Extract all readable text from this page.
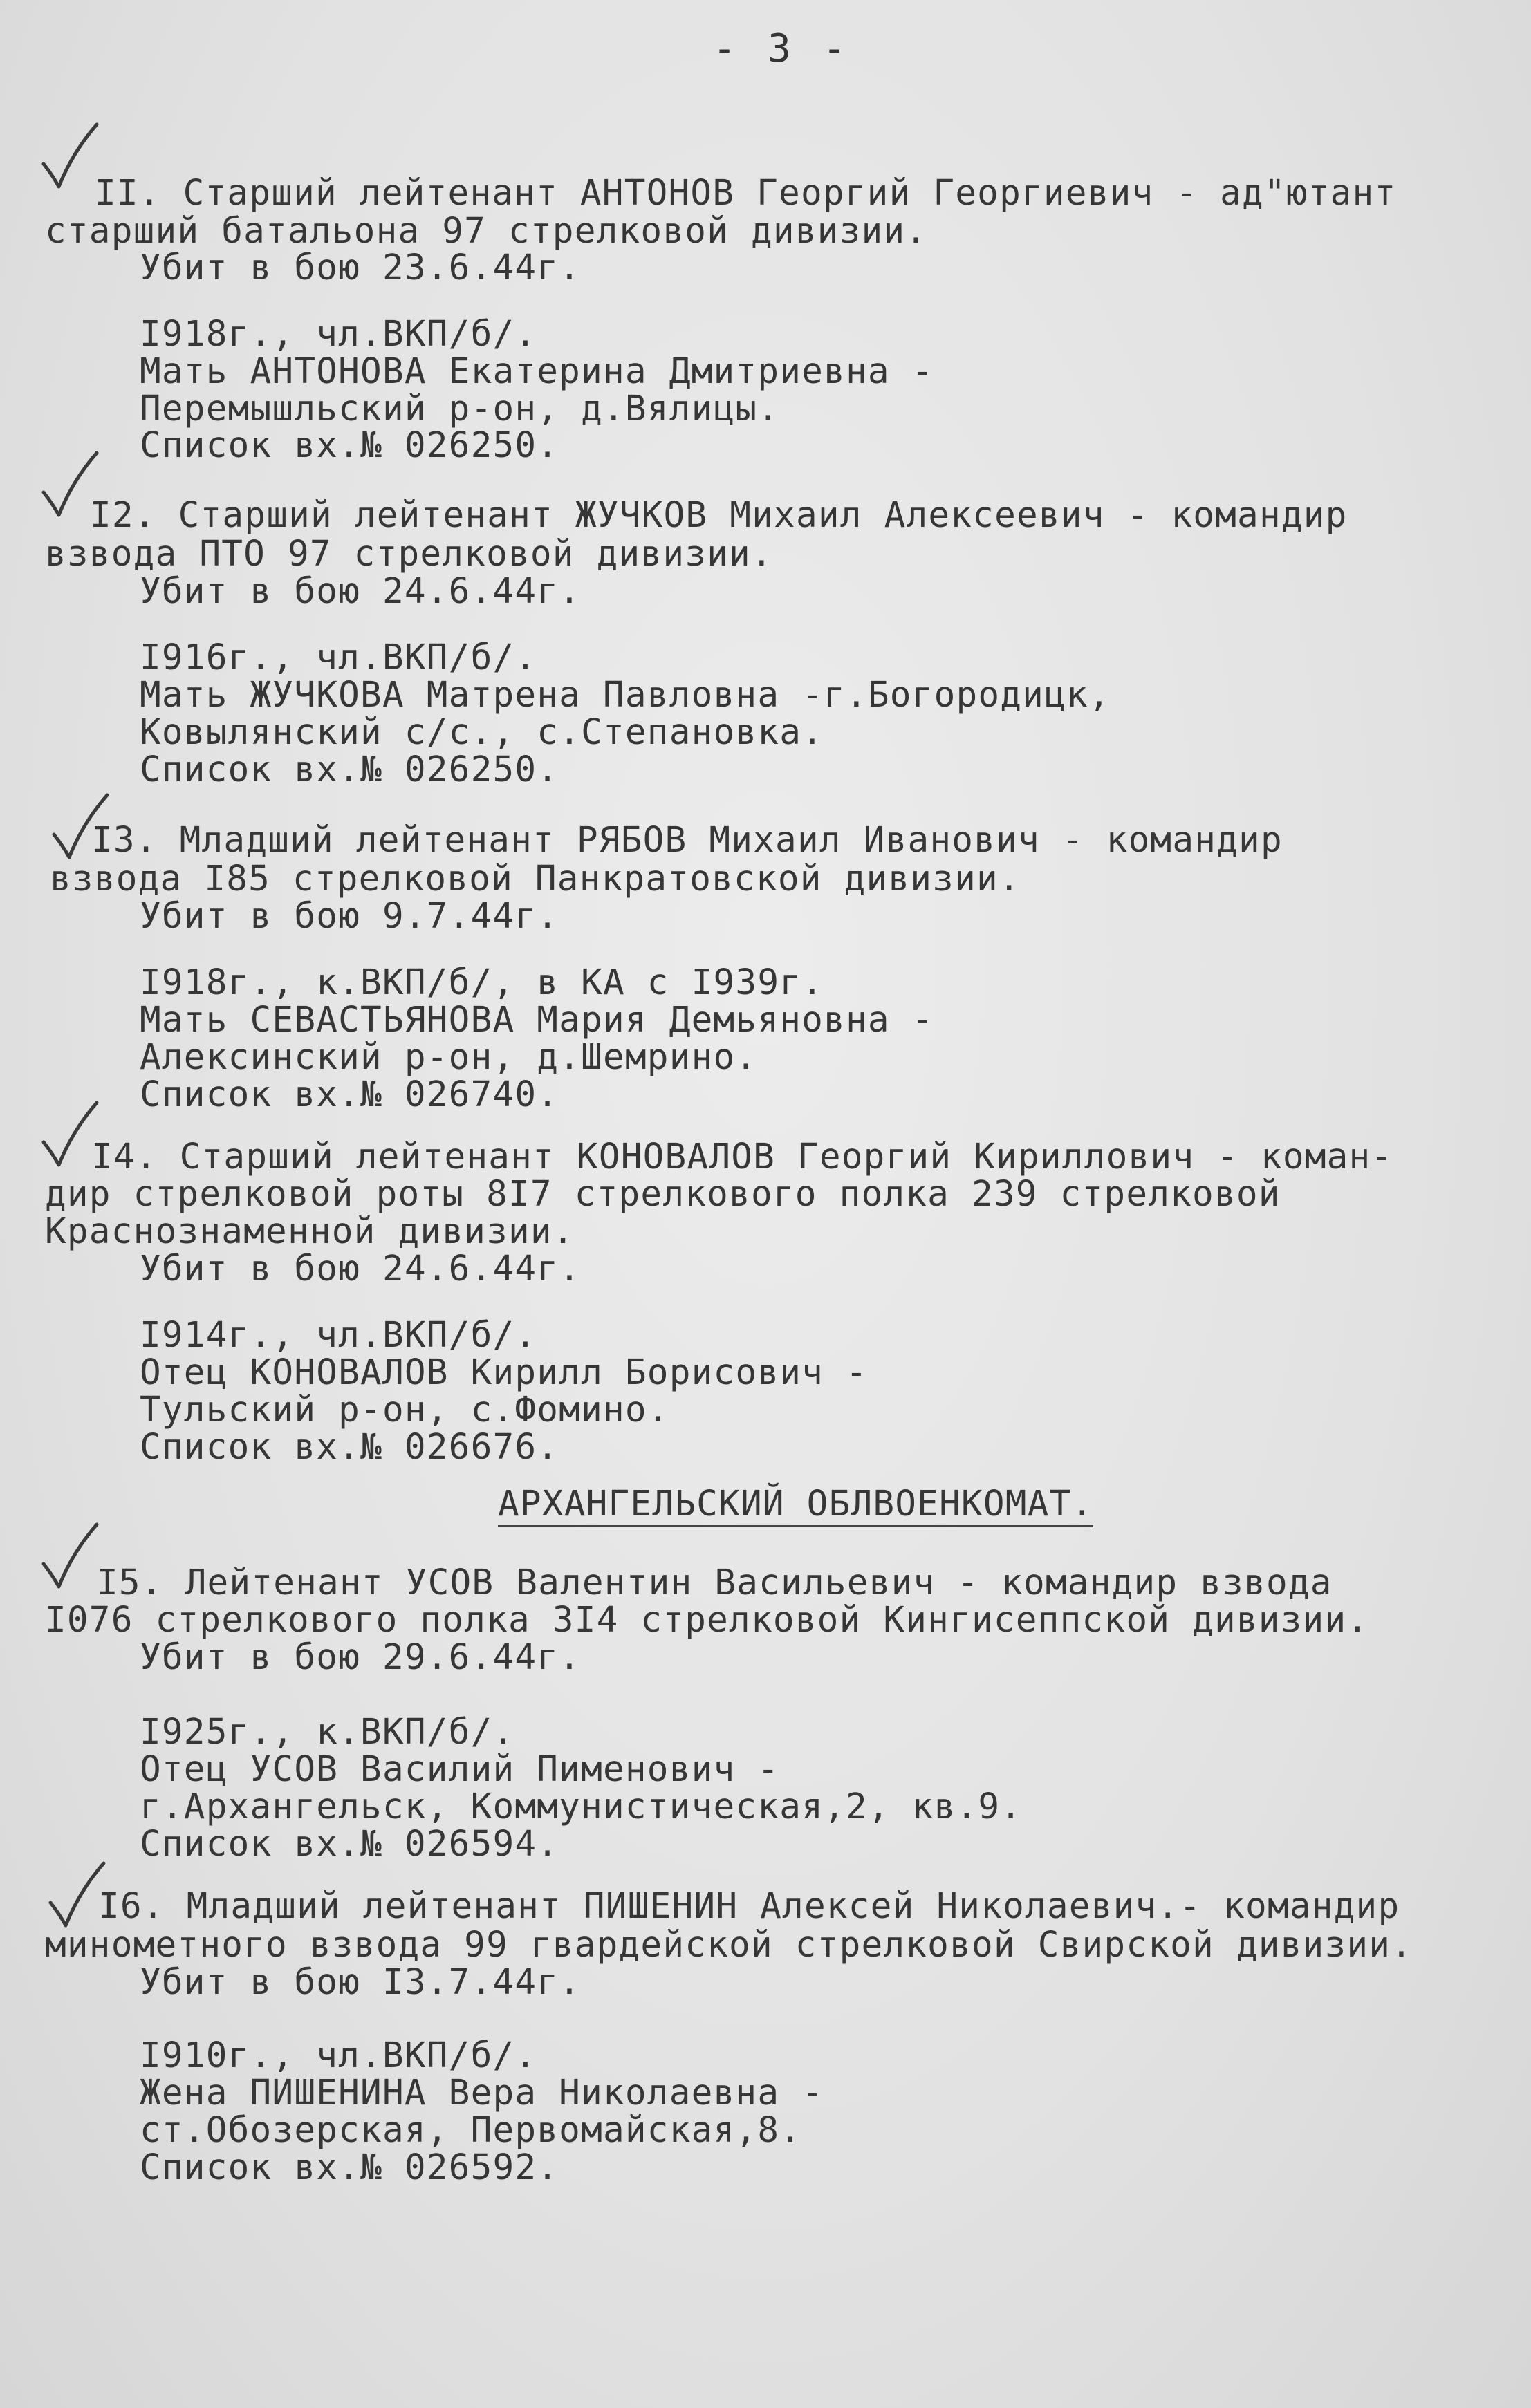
- 3 -
II. Старший лейтенант АНТОНОВ Георгий Георгиевич - ад"ютант
старший батальона 97 стрелковой дивизии.
Убит в бою 23.6.44г.
I918г., чл.ВКП/б/.
Мать АНТОНОВА Екатерина Дмитриевна -
Перемышльский р-он, д.Вялицы.
Список вх.№ 026250.
I2. Старший лейтенант ЖУЧКОВ Михаил Алексеевич - командир
взвода ПТО 97 стрелковой дивизии.
Убит в бою 24.6.44г.
I916г., чл.ВКП/б/.
Мать ЖУЧКОВА Матрена Павловна -г.Богородицк,
Ковылянский с/с., с.Степановка.
Список вх.№ 026250.
I3. Младший лейтенант РЯБОВ Михаил Иванович - командир
взвода I85 стрелковой Панкратовской дивизии.
Убит в бою 9.7.44г.
I918г., к.ВКП/б/, в КА с I939г.
Мать СЕВАСТЬЯНОВА Мария Демьяновна -
Алексинский р-он, д.Шемрино.
Список вх.№ 026740.
I4. Старший лейтенант КОНОВАЛОВ Георгий Кириллович - коман-
дир стрелковой роты 8I7 стрелкового полка 239 стрелковой
Краснознаменной дивизии.
Убит в бою 24.6.44г.
I914г., чл.ВКП/б/.
Отец КОНОВАЛОВ Кирилл Борисович -
Тульский р-он, с.Фомино.
Список вх.№ 026676.
АРХАНГЕЛЬСКИЙ ОБЛВОЕНКОМАТ.
I5. Лейтенант УСОВ Валентин Васильевич - командир взвода
I076 стрелкового полка 3I4 стрелковой Кингисеппской дивизии.
Убит в бою 29.6.44г.
I925г., к.ВКП/б/.
Отец УСОВ Василий Пименович -
г.Архангельск, Коммунистическая,2, кв.9.
Список вх.№ 026594.
I6. Младший лейтенант ПИШЕНИН Алексей Николаевич.- командир
минометного взвода 99 гвардейской стрелковой Свирской дивизии.
Убит в бою I3.7.44г.
I910г., чл.ВКП/б/.
Жена ПИШЕНИНА Вера Николаевна -
ст.Обозерская, Первомайская,8.
Список вх.№ 026592.
